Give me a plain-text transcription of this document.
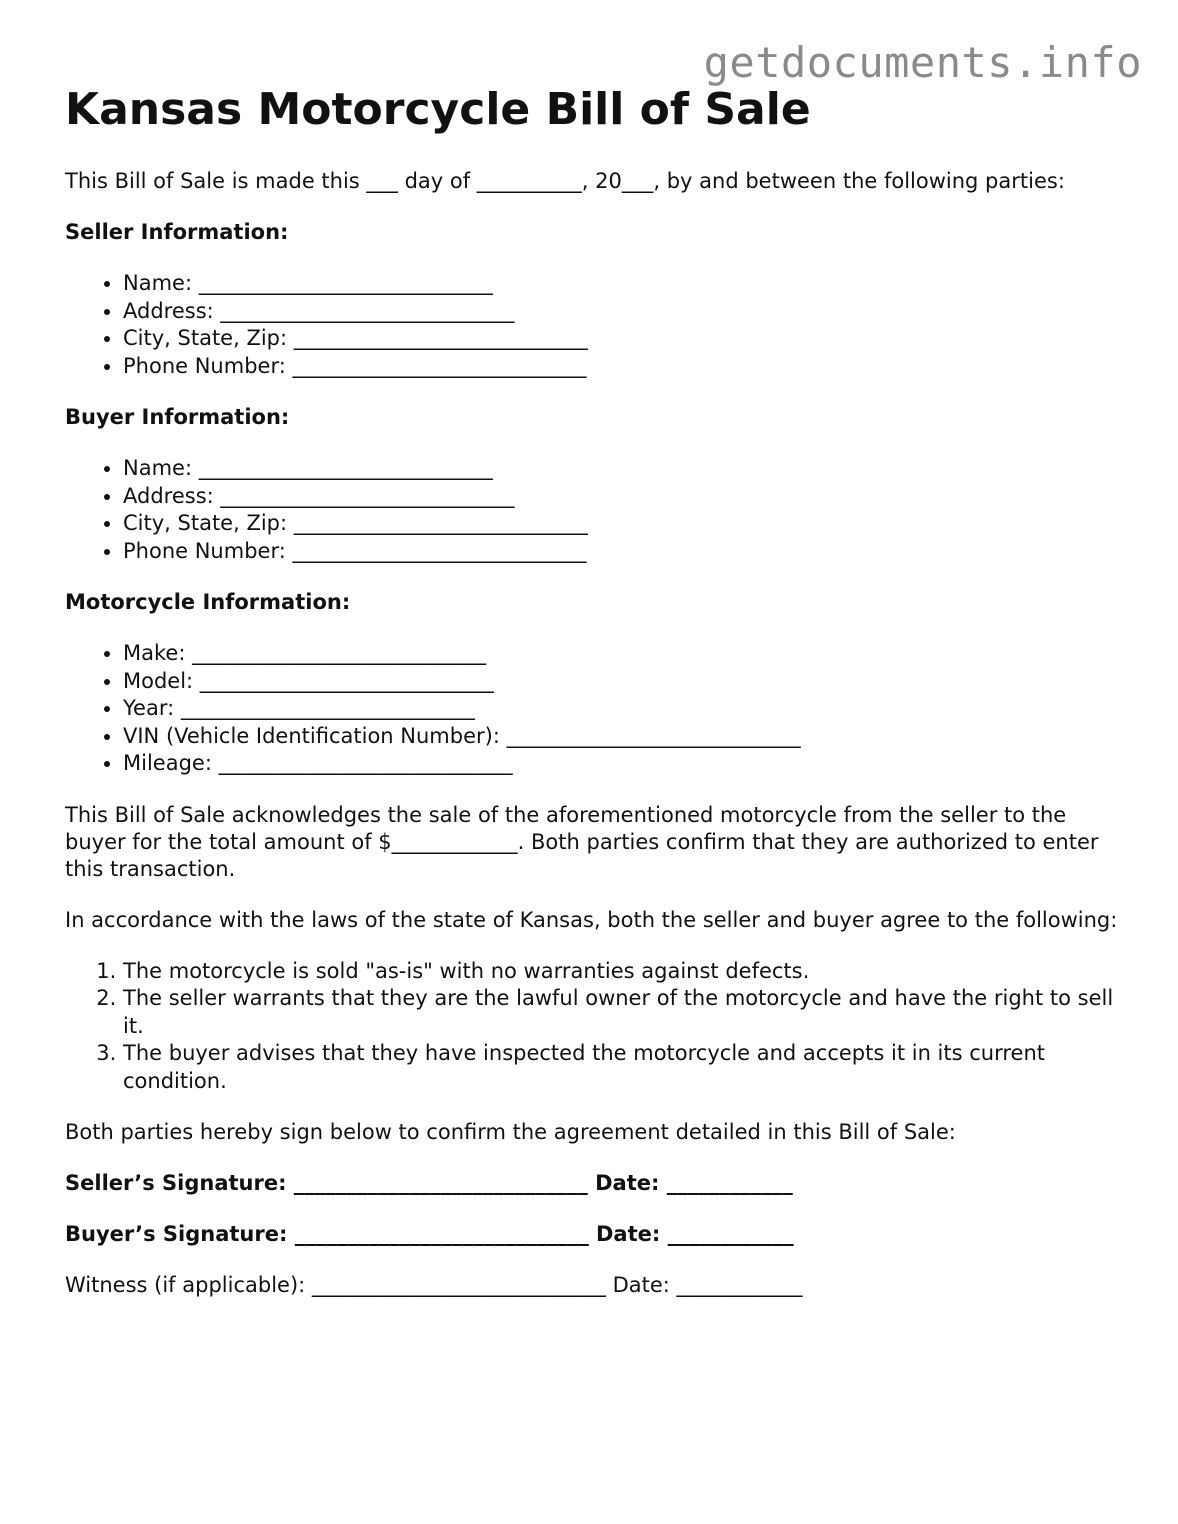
getdocuments.info
Kansas Motorcycle Bill of Sale

This Bill of Sale is made this ___ day of __________, 20___, by and between the following parties:

Seller Information:

• Name: ____________________________
• Address: ____________________________
• City, State, Zip: ____________________________
• Phone Number: ____________________________

Buyer Information:

• Name: ____________________________
• Address: ____________________________
• City, State, Zip: ____________________________
• Phone Number: ____________________________

Motorcycle Information:

• Make: ____________________________
• Model: ____________________________
• Year: ____________________________
• VIN (Vehicle Identification Number): ____________________________
• Mileage: ____________________________

This Bill of Sale acknowledges the sale of the aforementioned motorcycle from the seller to the buyer for the total amount of $____________. Both parties confirm that they are authorized to enter this transaction.

In accordance with the laws of the state of Kansas, both the seller and buyer agree to the following:

1. The motorcycle is sold "as-is" with no warranties against defects.
2. The seller warrants that they are the lawful owner of the motorcycle and have the right to sell it.
3. The buyer advises that they have inspected the motorcycle and accepts it in its current condition.

Both parties hereby sign below to confirm the agreement detailed in this Bill of Sale:

Seller’s Signature: ____________________________ Date: ____________
Buyer’s Signature: ____________________________ Date: ____________
Witness (if applicable): ____________________________ Date: ____________
